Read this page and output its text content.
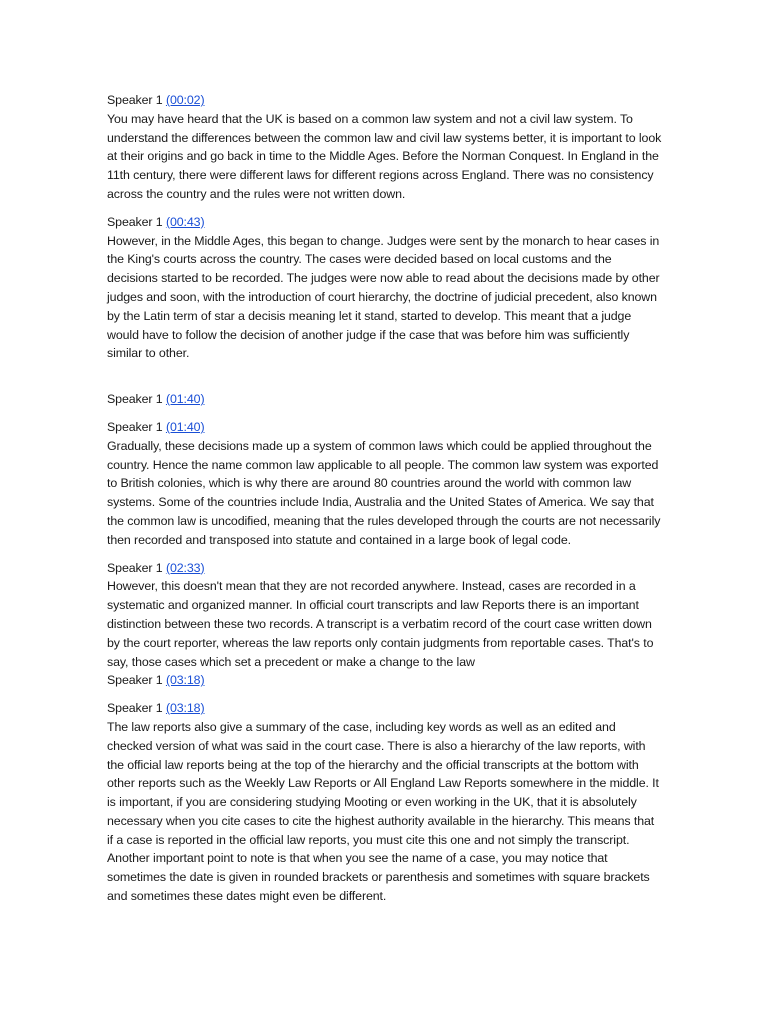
Speaker 1 (00:02)

You may have heard that the UK is based on a common law system and not a civil law system. To understand the differences between the common law and civil law systems better, it is important to look at their origins and go back in time to the Middle Ages. Before the Norman Conquest. In England in the 11th century, there were different laws for different regions across England. There was no consistency across the country and the rules were not written down.

Speaker 1 (00:43)

However, in the Middle Ages, this began to change. Judges were sent by the monarch to hear cases in the King's courts across the country. The cases were decided based on local customs and the decisions started to be recorded. The judges were now able to read about the decisions made by other judges and soon, with the introduction of court hierarchy, the doctrine of judicial precedent, also known by the Latin term of star a decisis meaning let it stand, started to develop. This meant that a judge would have to follow the decision of another judge if the case that was before him was sufficiently similar to other.

Speaker 1 (01:40)

Speaker 1 (01:40)

Gradually, these decisions made up a system of common laws which could be applied throughout the country. Hence the name common law applicable to all people. The common law system was exported to British colonies, which is why there are around 80 countries around the world with common law systems. Some of the countries include India, Australia and the United States of America. We say that the common law is uncodified, meaning that the rules developed through the courts are not necessarily then recorded and transposed into statute and contained in a large book of legal code.

Speaker 1 (02:33)

However, this doesn't mean that they are not recorded anywhere. Instead, cases are recorded in a systematic and organized manner. In official court transcripts and law Reports there is an important distinction between these two records. A transcript is a verbatim record of the court case written down by the court reporter, whereas the law reports only contain judgments from reportable cases. That's to say, those cases which set a precedent or make a change to the law

Speaker 1 (03:18)

Speaker 1 (03:18)

The law reports also give a summary of the case, including key words as well as an edited and checked version of what was said in the court case. There is also a hierarchy of the law reports, with the official law reports being at the top of the hierarchy and the official transcripts at the bottom with other reports such as the Weekly Law Reports or All England Law Reports somewhere in the middle. It is important, if you are considering studying Mooting or even working in the UK, that it is absolutely necessary when you cite cases to cite the highest authority available in the hierarchy. This means that if a case is reported in the official law reports, you must cite this one and not simply the transcript. Another important point to note is that when you see the name of a case, you may notice that sometimes the date is given in rounded brackets or parenthesis and sometimes with square brackets and sometimes these dates might even be different.
